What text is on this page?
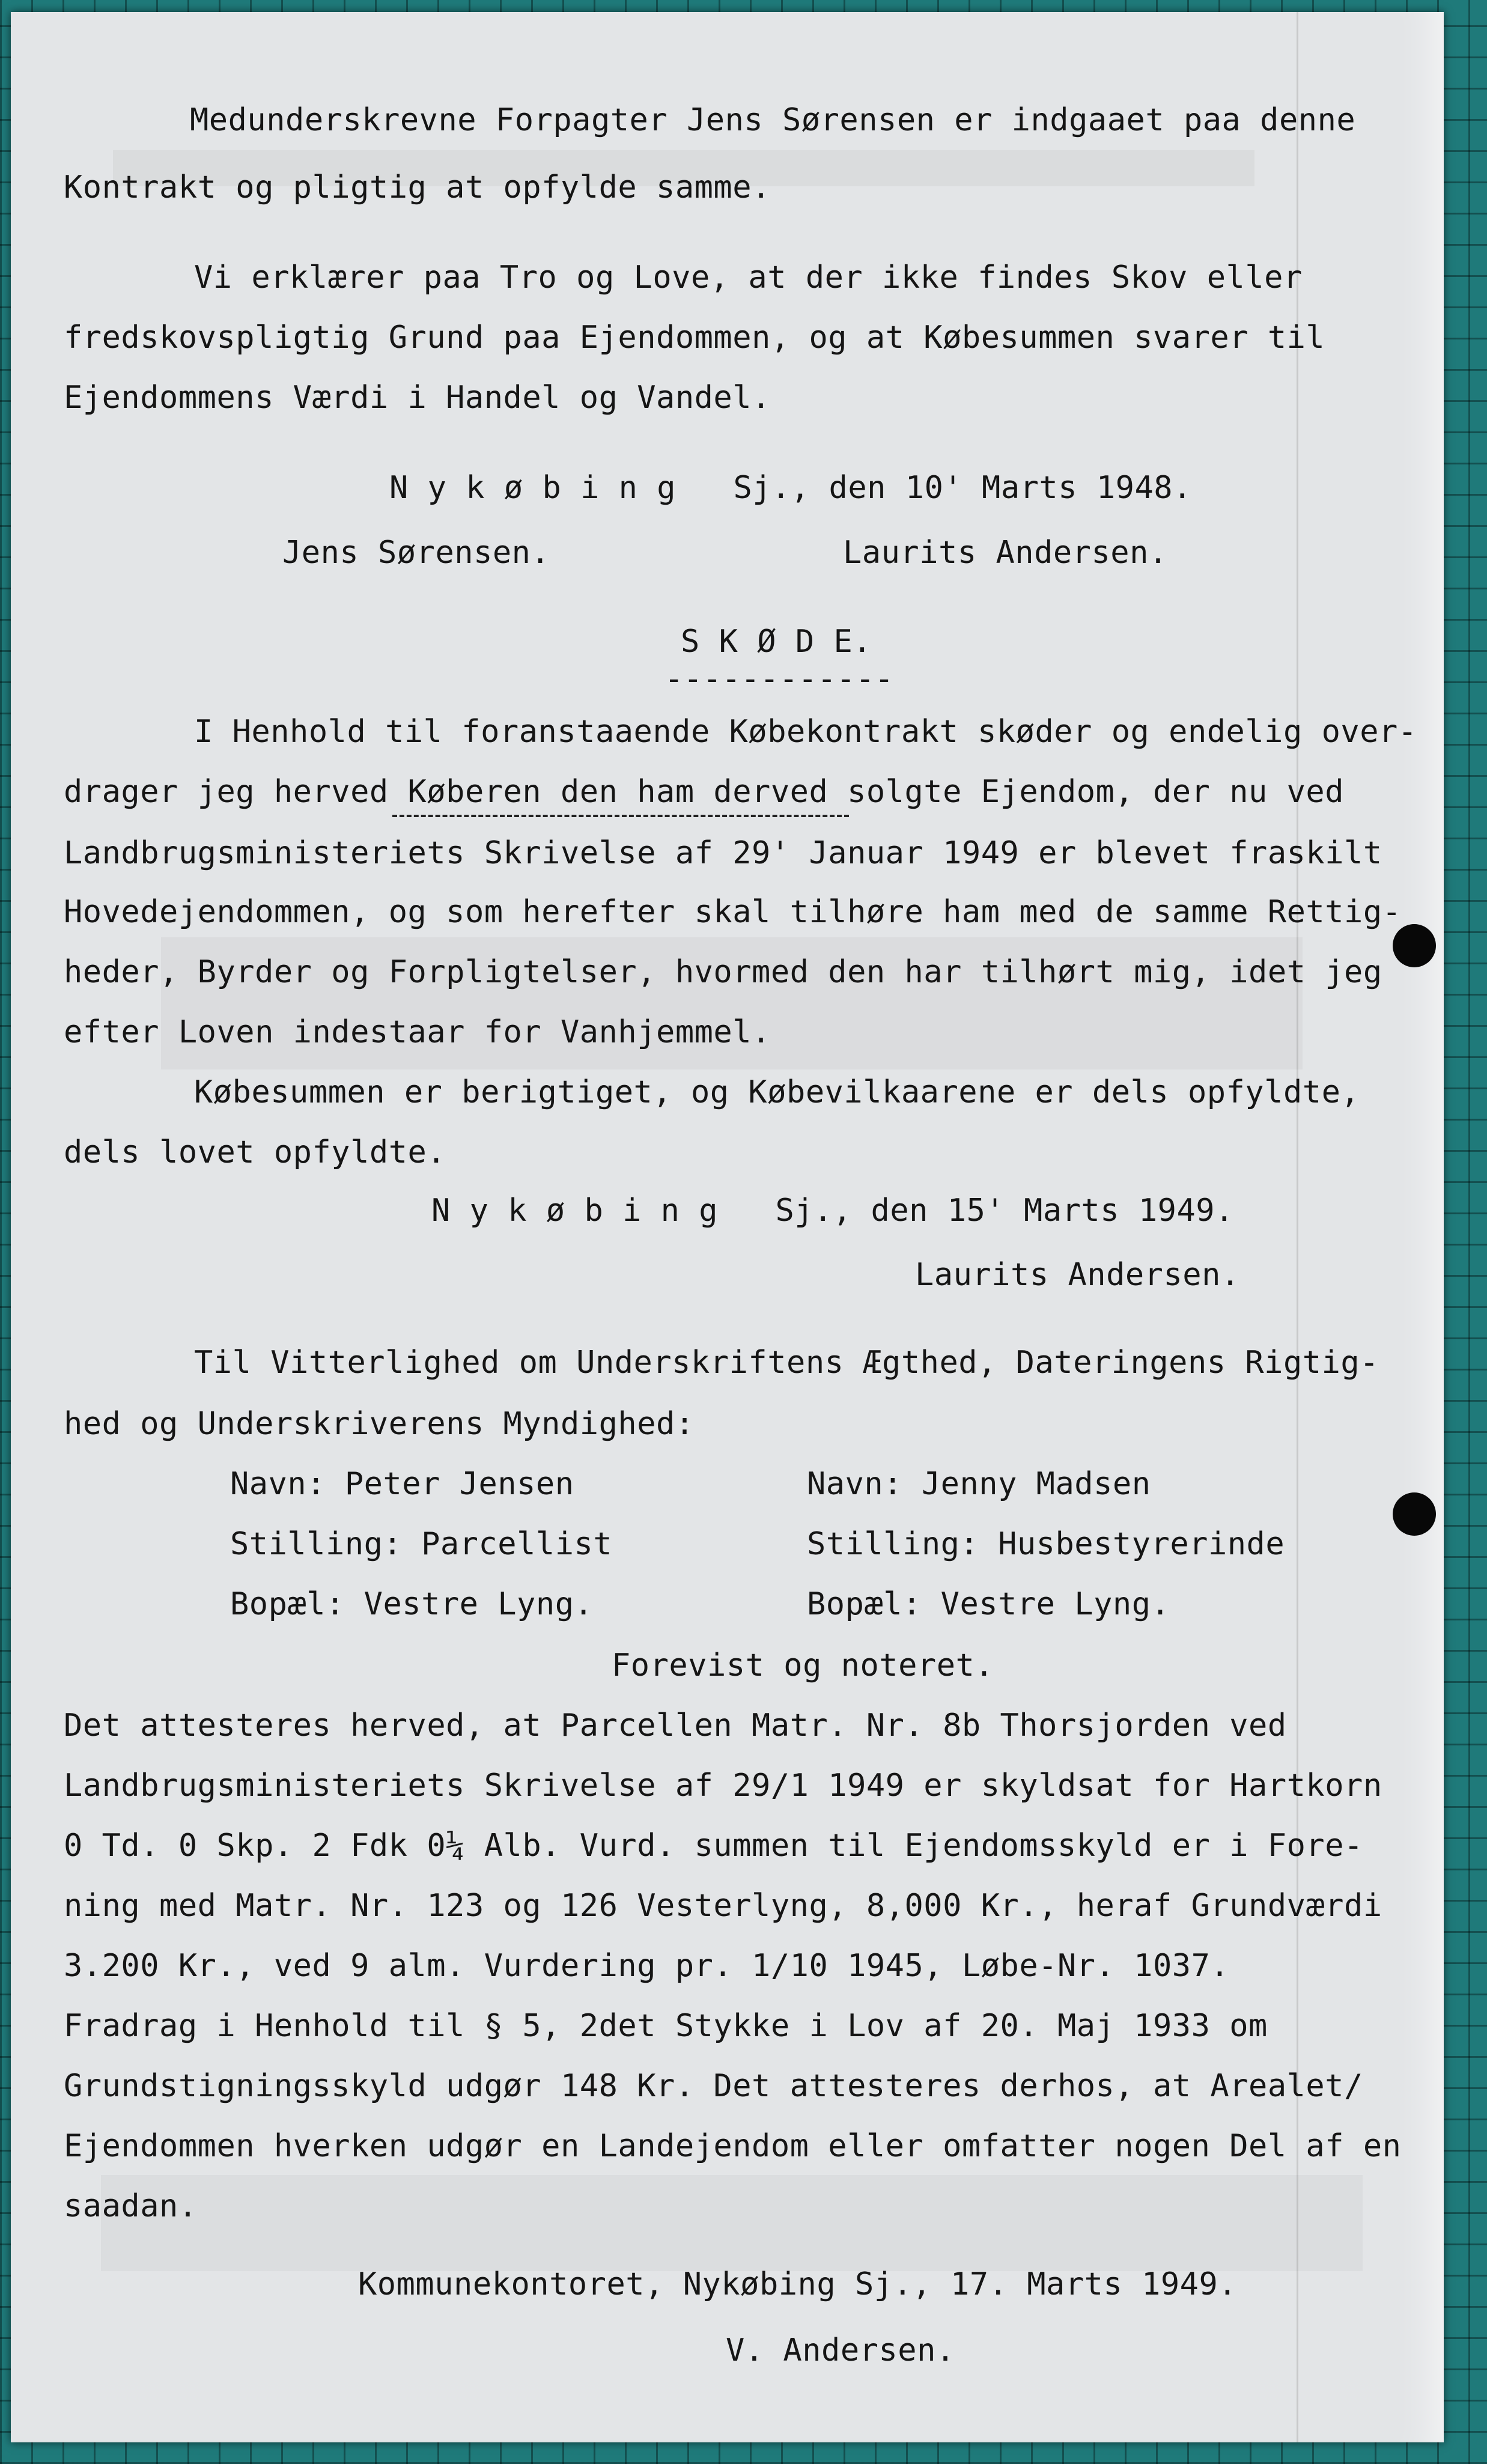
Medunderskrevne Forpagter Jens Sørensen er indgaaet paa denne

Kontrakt og pligtig at opfylde samme.

Vi erklærer paa Tro og Love, at der ikke findes Skov eller

fredskovspligtig Grund paa Ejendommen, og at Købesummen svarer til

Ejendommens Værdi i Handel og Vandel.

N y k ø b i n g   Sj., den 10' Marts 1948.

Jens Sørensen.	Laurits Andersen.

S K Ø D E.

------------

I Henhold til foranstaaende Købekontrakt skøder og endelig over-

drager jeg herved Køberen den ham derved solgte Ejendom, der nu ved

Landbrugsministeriets Skrivelse af 29' Januar 1949 er blevet fraskilt

Hovedejendommen, og som herefter skal tilhøre ham med de samme Rettig-

heder, Byrder og Forpligtelser, hvormed den har tilhørt mig, idet jeg

efter Loven indestaar for Vanhjemmel.

Købesummen er berigtiget, og Købevilkaarene er dels opfyldte,

dels lovet opfyldte.

N y k ø b i n g   Sj., den 15' Marts 1949.

Laurits Andersen.

Til Vitterlighed om Underskriftens Ægthed, Dateringens Rigtig-

hed og Underskriverens Myndighed:

Navn: Peter Jensen

Stilling: Parcellist

Bopæl: Vestre Lyng.

Navn: Jenny Madsen

Stilling: Husbestyrerinde

Bopæl: Vestre Lyng.

Forevist og noteret.

Det attesteres herved, at Parcellen Matr. Nr. 8b Thorsjorden ved

Landbrugsministeriets Skrivelse af 29/1 1949 er skyldsat for Hartkorn

0 Td. 0 Skp. 2 Fdk 0¼ Alb. Vurd. summen til Ejendomsskyld er i Fore-

ning med Matr. Nr. 123 og 126 Vesterlyng, 8,000 Kr., heraf Grundværdi

3.200 Kr., ved 9 alm. Vurdering pr. 1/10 1945, Løbe-Nr. 1037.

Fradrag i Henhold til § 5, 2det Stykke i Lov af 20. Maj 1933 om

Grundstigningsskyld udgør 148 Kr. Det attesteres derhos, at Arealet/

Ejendommen hverken udgør en Landejendom eller omfatter nogen Del af en

saadan.

Kommunekontoret, Nykøbing Sj., 17. Marts 1949.

V. Andersen.
